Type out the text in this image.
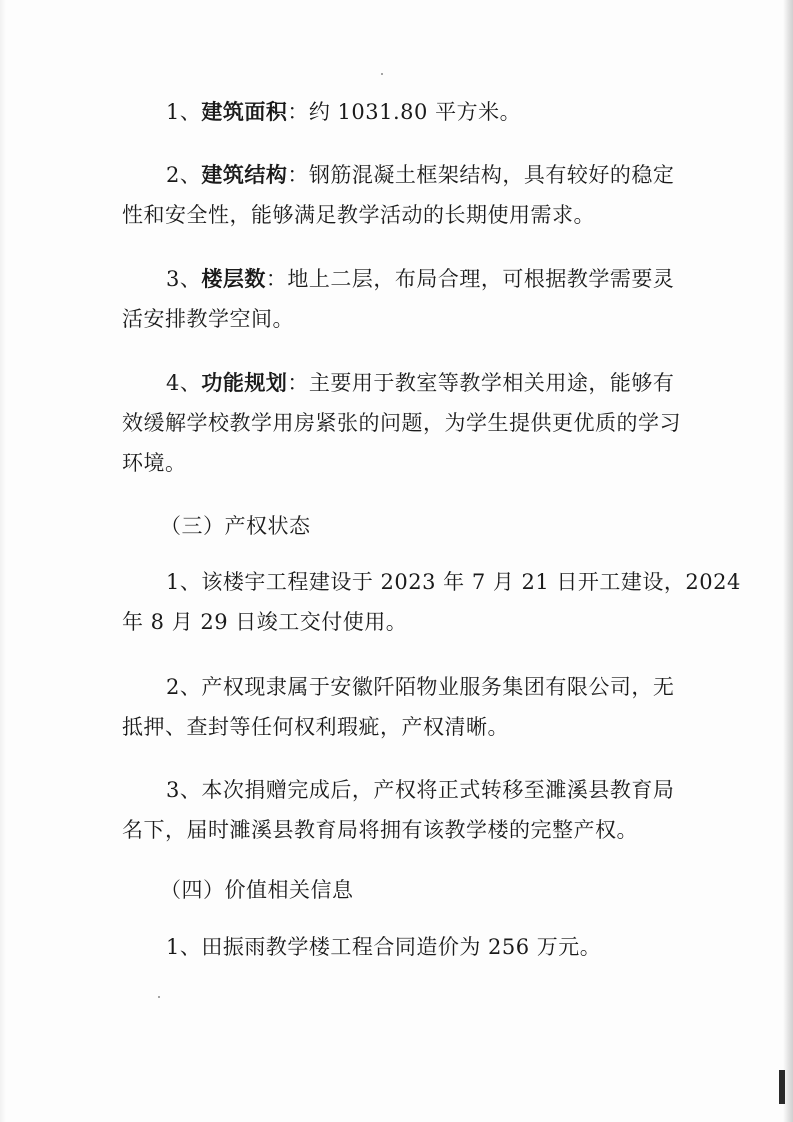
1、建筑面积：约 1031.80 平方米。
2、建筑结构：钢筋混凝土框架结构，具有较好的稳定
性和安全性，能够满足教学活动的长期使用需求。
3、楼层数：地上二层，布局合理，可根据教学需要灵
活安排教学空间。
4、功能规划：主要用于教室等教学相关用途，能够有
效缓解学校教学用房紧张的问题，为学生提供更优质的学习
环境。
（三）产权状态
1、该楼宇工程建设于 2023 年 7 月 21 日开工建设，2024
年 8 月 29 日竣工交付使用。
2、产权现隶属于安徽阡陌物业服务集团有限公司，无
抵押、查封等任何权利瑕疵，产权清晰。
3、本次捐赠完成后，产权将正式转移至濉溪县教育局
名下，届时濉溪县教育局将拥有该教学楼的完整产权。
（四）价值相关信息
1、田振雨教学楼工程合同造价为 256 万元。
